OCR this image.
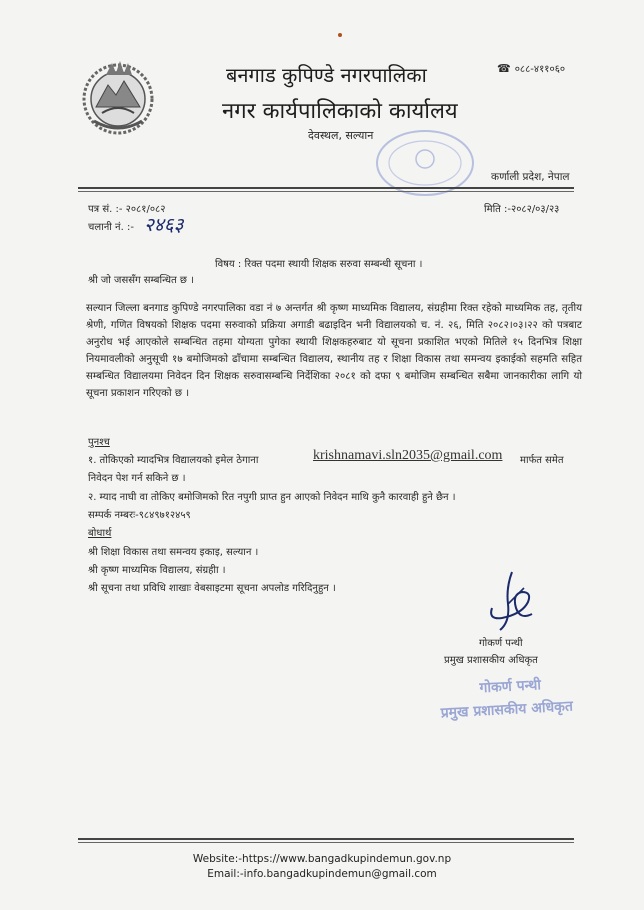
बनगाड कुपिण्डे नगरपालिका
नगर कार्यपालिकाको कार्यालय
देवस्थल, सल्यान
☎ ०८८-४११०६०
कर्णाली प्रदेश, नेपाल
पत्र सं. :- २०८१/०८२	मिति :-२०८२/०३/२३
चलानी नं. :- २४६३
विषय : रिक्त पदमा स्थायी शिक्षक सरुवा सम्बन्धी सूचना ।
श्री जो जससँग सम्बन्धित छ ।
सल्यान जिल्ला बनगाड कुपिण्डे नगरपालिका वडा नं ७ अन्तर्गत श्री कृष्ण माध्यमिक विद्यालय, संग्रहीमा रिक्त रहेको माध्यमिक तह, तृतीय श्रेणी, गणित विषयको शिक्षक पदमा सरुवाको प्रक्रिया अगाडी बढाइदिन भनी विद्यालयको च. नं. २६, मिति २०८२।०३।२२ को पत्रबाट अनुरोध भई आएकोले सम्बन्धित तहमा योग्यता पुगेका स्थायी शिक्षकहरुबाट यो सूचना प्रकाशित भएको मितिले १५ दिनभित्र शिक्षा नियमावलीको अनुसूची १७ बमोजिमको ढाँचामा सम्बन्धित विद्यालय, स्थानीय तह र शिक्षा विकास तथा समन्वय इकाईको सहमति सहित सम्बन्धित विद्यालयमा निवेदन दिन शिक्षक सरुवासम्बन्धि निर्देशिका २०८१ को दफा ९ बमोजिम सम्बन्धित सबैमा जानकारीका लागि यो सूचना प्रकाशन गरिएको छ ।
पुनश्च
१. तोकिएको म्यादभित्र विद्यालयको इमेल ठेगाना	krishnamavi.sln2035@gmail.com मार्फत समेत
निवेदन पेश गर्न सकिने छ ।
२. म्याद नाघी वा तोकिए बमोजिमको रित नपुगी प्राप्त हुन आएको निवेदन माथि कुनै कारवाही हुने छैन ।
सम्पर्क नम्बरः-९८४९७१२४५९
बोधार्थ
श्री शिक्षा विकास तथा समन्वय इकाइ, सल्यान ।
श्री कृष्ण माध्यमिक विद्यालय, संग्रहीा ।
श्री सूचना तथा प्रविधि शाखाः वेबसाइटमा सूचना अपलोड गरिदिनुहुन ।
गोकर्ण पन्थी
प्रमुख प्रशासकीय अधिकृत
गोकर्ण पन्थी
प्रमुख प्रशासकीय अधिकृत
Website:-https://www.bangadkupindemun.gov.np
Email:-info.bangadkupindemun@gmail.com
